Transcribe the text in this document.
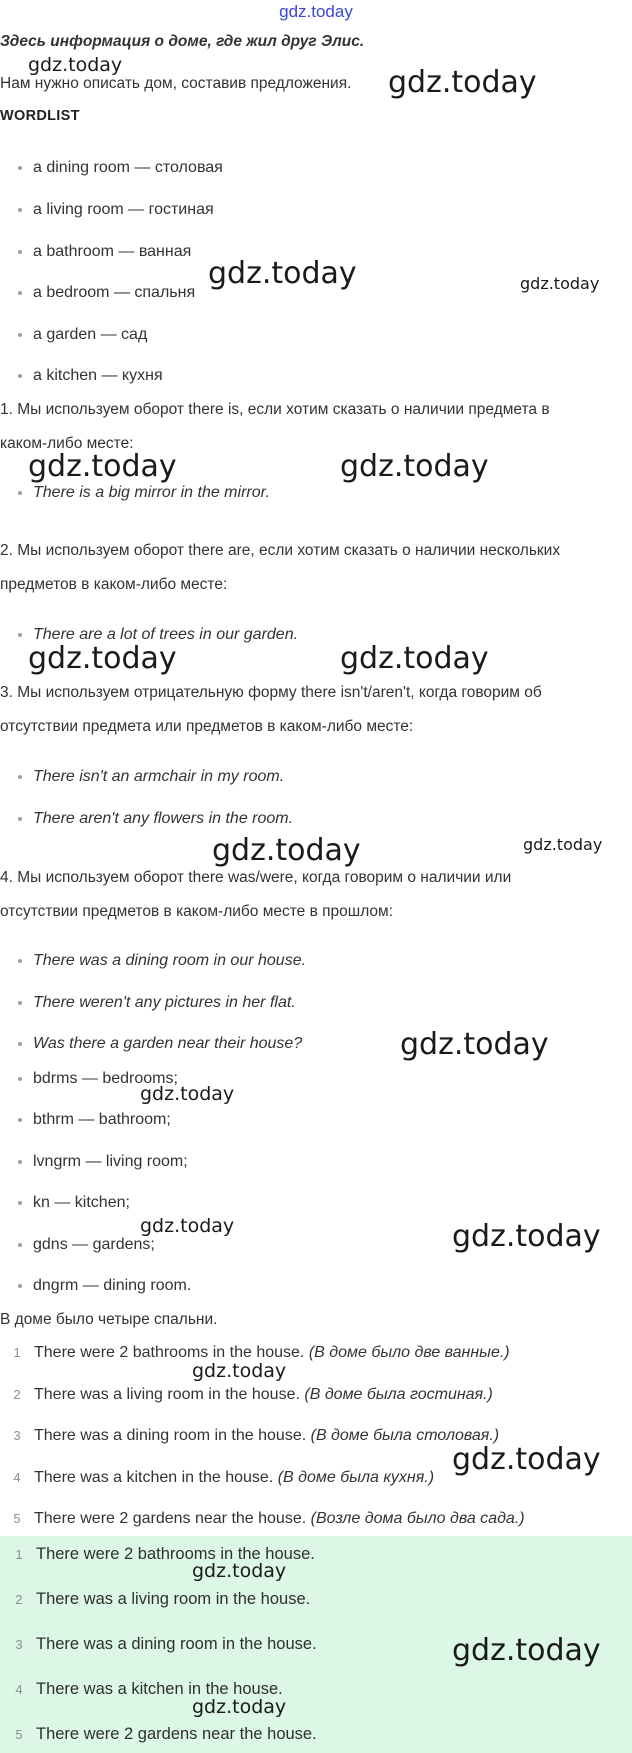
gdz.today
Здесь информация о доме, где жил друг Элис.
Нам нужно описать дом, составив предложения.
WORDLIST
a dining room — столовая
a living room — гостиная
a bathroom — ванная
a bedroom — спальня
a garden — сад
a kitchen — кухня
1. Мы используем оборот there is, если хотим сказать о наличии предмета в
каком-либо месте:
There is a big mirror in the mirror.
2. Мы используем оборот there are, если хотим сказать о наличии нескольких
предметов в каком-либо месте:
There are a lot of trees in our garden.
3. Мы используем отрицательную форму there isn't/aren't, когда говорим об
отсутствии предмета или предметов в каком-либо месте:
There isn't an armchair in my room.
There aren't any flowers in the room.
4. Мы используем оборот there was/were, когда говорим о наличии или
отсутствии предметов в каком-либо месте в прошлом:
There was a dining room in our house.
There weren't any pictures in her flat.
Was there a garden near their house?
bdrms — bedrooms;
bthrm — bathroom;
lvngrm — living room;
kn — kitchen;
gdns — gardens;
dngrm — dining room.
В доме было четыре спальни.
1 There were 2 bathrooms in the house. (В доме было две ванные.)
2 There was a living room in the house. (В доме была гостиная.)
3 There was a dining room in the house. (В доме была столовая.)
4 There was a kitchen in the house. (В доме была кухня.)
5 There were 2 gardens near the house. (Возле дома было два сада.)
1 There were 2 bathrooms in the house.
2 There was a living room in the house.
3 There was a dining room in the house.
4 There was a kitchen in the house.
5 There were 2 gardens near the house.
gdz.today	gdz.today
gdz.today	gdz.today
gdz.today	gdz.today
gdz.today	gdz.today
gdz.today	gdz.today
gdz.today
gdz.today
gdz.today	gdz.today
gdz.today
gdz.today
gdz.today
gdz.today
gdz.today
